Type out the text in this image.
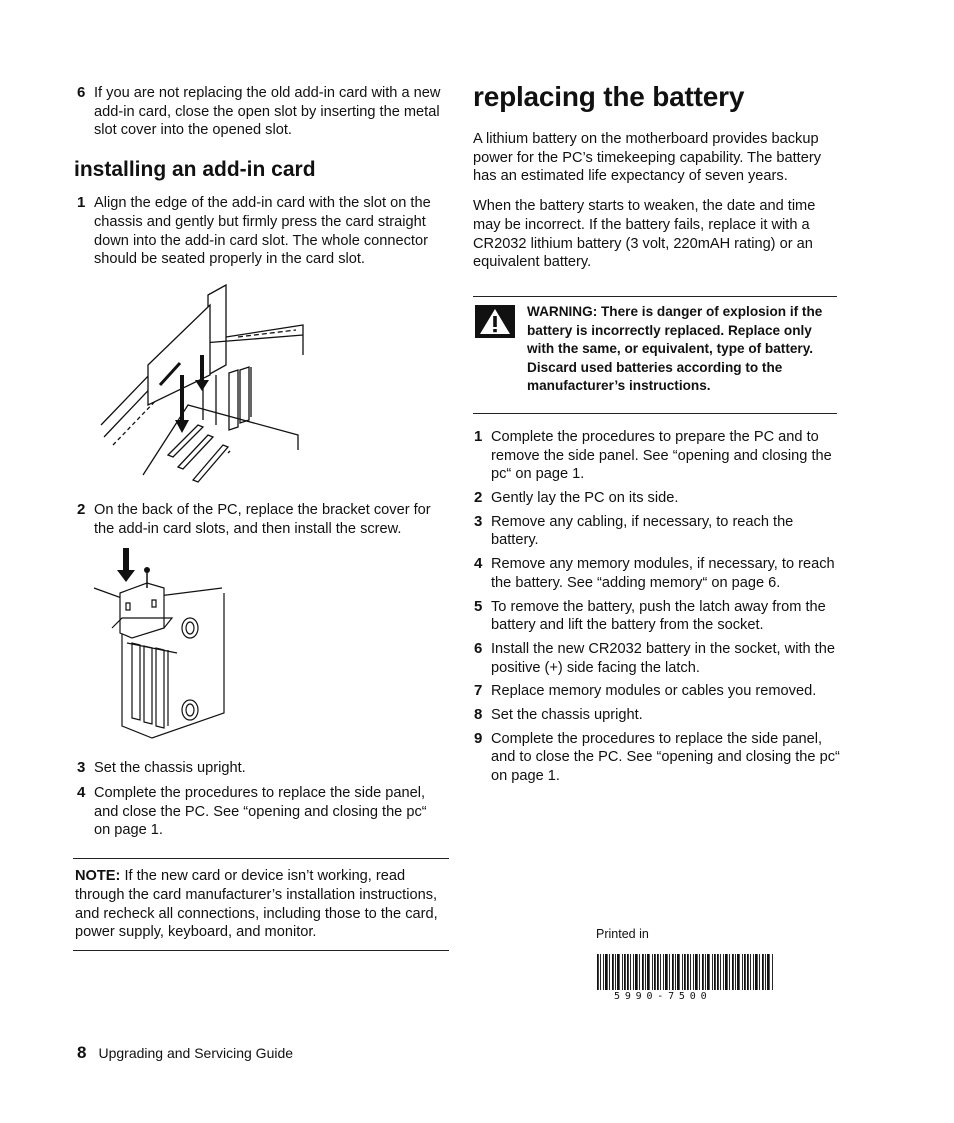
6 If you are not replacing the old add-in card with a new add-in card, close the open slot by inserting the metal slot cover into the opened slot.
installing an add-in card
1 Align the edge of the add-in card with the slot on the chassis and gently but firmly press the card straight down into the add-in card slot. The whole connector should be seated properly in the card slot.
2 On the back of the PC, replace the bracket cover for the add-in card slots, and then install the screw.
3 Set the chassis upright.
4 Complete the procedures to replace the side panel, and close the PC. See “opening and closing the pc“ on page 1.
NOTE: If the new card or device isn’t working, read through the card manufacturer’s installation instructions, and recheck all connections, including those to the card, power supply, keyboard, and monitor.
replacing the battery

A lithium battery on the motherboard provides backup power for the PC’s timekeeping capability. The battery has an estimated life expectancy of seven years.

When the battery starts to weaken, the date and time may be incorrect. If the battery fails, replace it with a CR2032 lithium battery (3 volt, 220mAH rating) or an equivalent battery.

WARNING: There is danger of explosion if the battery is incorrectly replaced. Replace only with the same, or equivalent, type of battery. Discard used batteries according to the manufacturer’s instructions.
1 Complete the procedures to prepare the PC and to remove the side panel. See “opening and closing the pc“ on page 1.
2 Gently lay the PC on its side.
3 Remove any cabling, if necessary, to reach the battery.
4 Remove any memory modules, if necessary, to reach the battery. See “adding memory“ on page 6.
5 To remove the battery, push the latch away from the battery and lift the battery from the socket.
6 Install the new CR2032 battery in the socket, with the positive (+) side facing the latch.
7 Replace memory modules or cables you removed.
8 Set the chassis upright.
9 Complete the procedures to replace the side panel, and to close the PC. See “opening and closing the pc“ on page 1.
Printed in
5990-7500
8 Upgrading and Servicing Guide
